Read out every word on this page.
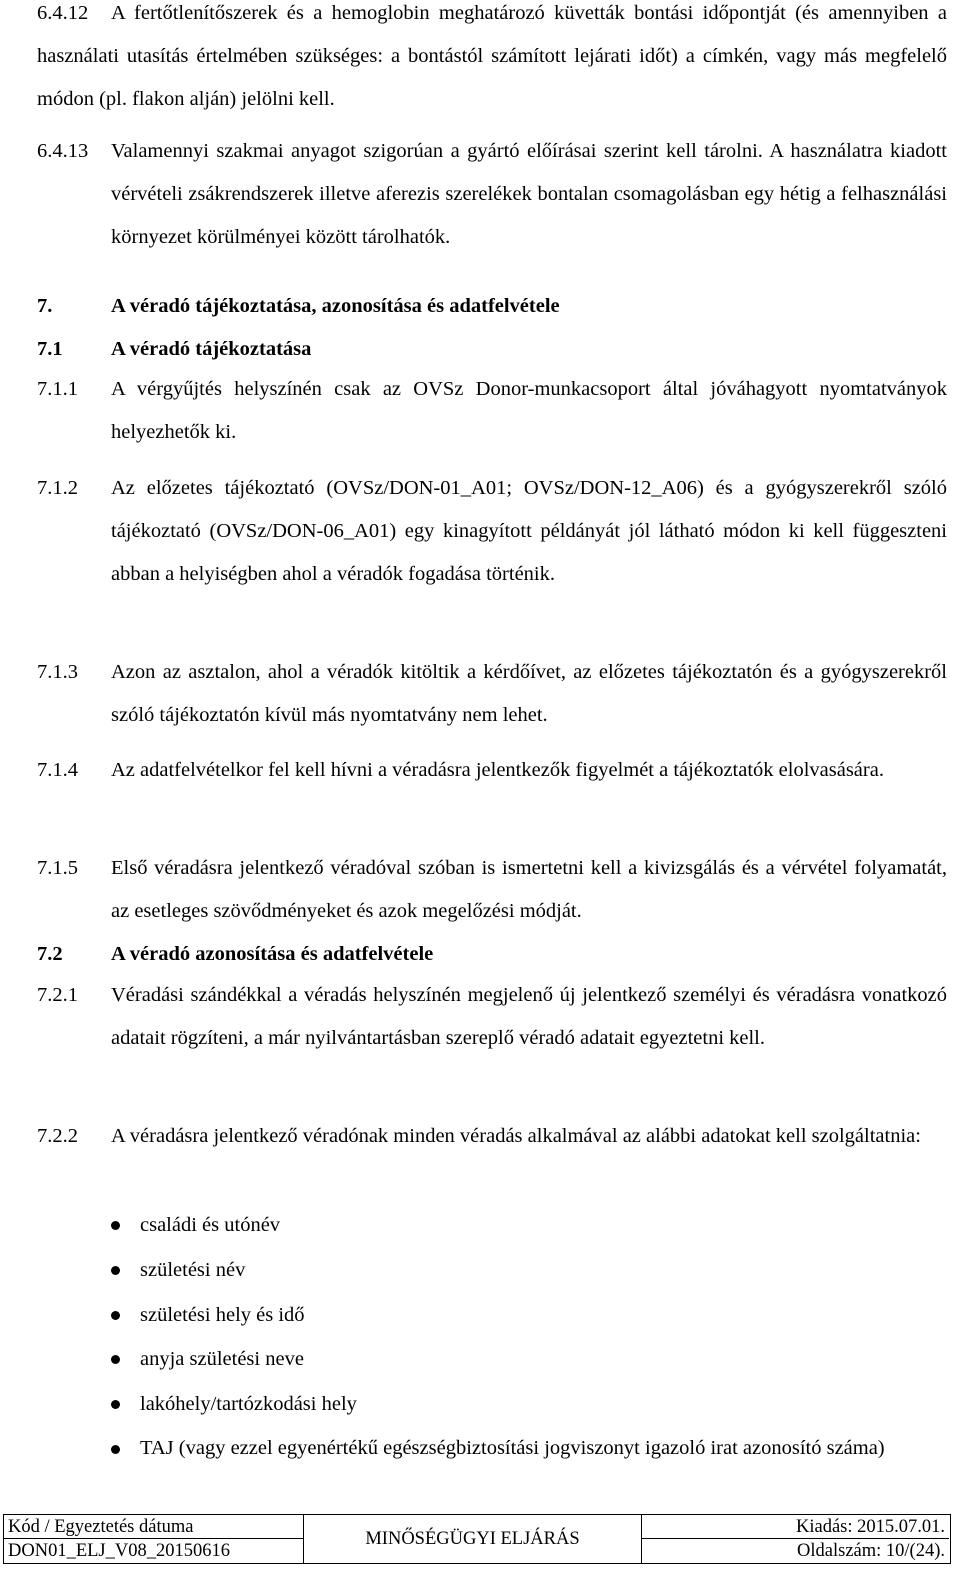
6.4.12 A fertőtlenítőszerek és a hemoglobin meghatározó küvetták bontási időpontját (és amennyiben a használati utasítás értelmében szükséges: a bontástól számított lejárati időt) a címkén, vagy más megfelelő módon (pl. flakon alján) jelölni kell.
6.4.13 Valamennyi szakmai anyagot szigorúan a gyártó előírásai szerint kell tárolni. A használatra kiadott vérvételi zsákrendszerek illetve aferezis szerelékek bontalan csomagolásban egy hétig a felhasználási környezet körülményei között tárolhatók.
7.	A véradó tájékoztatása, azonosítása és adatfelvétele
7.1 A véradó tájékoztatása
7.1.1 A vérgyűjtés helyszínén csak az OVSz Donor-munkacsoport által jóváhagyott nyomtatványok helyezhetők ki.
7.1.2 Az előzetes tájékoztató (OVSz/DON-01_A01; OVSz/DON-12_A06) és a gyógyszerekről szóló tájékoztató (OVSz/DON-06_A01) egy kinagyított példányát jól látható módon ki kell függeszteni abban a helyiségben ahol a véradók fogadása történik.
7.1.3 Azon az asztalon, ahol a véradók kitöltik a kérdőívet, az előzetes tájékoztatón és a gyógyszerekről szóló tájékoztatón kívül más nyomtatvány nem lehet.
7.1.4 Az adatfelvételkor fel kell hívni a véradásra jelentkezők figyelmét a tájékoztatók elolvasására.
7.1.5 Első véradásra jelentkező véradóval szóban is ismertetni kell a kivizsgálás és a vérvétel folyamatát, az esetleges szövődményeket és azok megelőzési módját.
7.2 A véradó azonosítása és adatfelvétele
7.2.1 Véradási szándékkal a véradás helyszínén megjelenő új jelentkező személyi és véradásra vonatkozó adatait rögzíteni, a már nyilvántartásban szereplő véradó adatait egyeztetni kell.
7.2.2 A véradásra jelentkező véradónak minden véradás alkalmával az alábbi adatokat kell szolgáltatnia:
családi és utónév
születési név
születési hely és idő
anyja születési neve
lakóhely/tartózkodási hely
TAJ (vagy ezzel egyenértékű egészségbiztosítási jogviszonyt igazoló irat azonosító száma)
Kód / Egyeztetés dátuma
DON01_ELJ_V08_20150616
MINŐSÉGÜGYI ELJÁRÁS
Kiadás: 2015.07.01.
Oldalszám: 10/(24).
